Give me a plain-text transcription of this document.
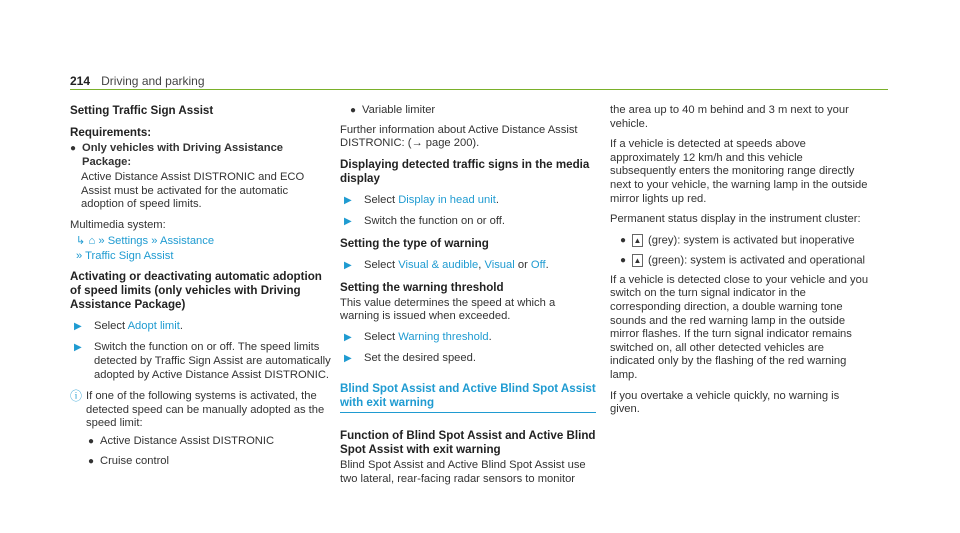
214 Driving and parking
Setting Traffic Sign Assist
Requirements:
● Only vehicles with Driving Assistance Package:

Active Distance Assist DISTRONIC and ECO Assist must be activated for the automatic adoption of speed limits.

Multimedia system:

↳ ⌂ » Settings » Assistance
» Traffic Sign Assist
Activating or deactivating automatic adoption of speed limits (only vehicles with Driving Assistance Package)
▶	Select Adopt limit.
▶	Switch the function on or off. The speed limits detected by Traffic Sign Assist are automatically adopted by Active Distance Assist DISTRONIC.
ⓘ If one of the following systems is activated, the detected speed can be manually adopted as the speed limit:
● Active Distance Assist DISTRONIC
● Cruise control
● Variable limiter

Further information about Active Distance Assist DISTRONIC: (→ page 200).

Displaying detected traffic signs in the media display
▶	Select Display in head unit.
▶	Switch the function on or off.
Setting the type of warning
▶	Select Visual & audible, Visual or Off.
Setting the warning threshold

This value determines the speed at which a warning is issued when exceeded.

▶	Select Warning threshold.
▶	Set the desired speed.
Blind Spot Assist and Active Blind Spot Assist with exit warning
Function of Blind Spot Assist and Active Blind Spot Assist with exit warning

Blind Spot Assist and Active Blind Spot Assist use two lateral, rear-facing radar sensors to monitor

the area up to 40 m behind and 3 m next to your vehicle.

If a vehicle is detected at speeds above approximately 12 km/h and this vehicle subsequently enters the monitoring range directly next to your vehicle, the warning lamp in the outside mirror lights up red.

Permanent status display in the instrument cluster:

● ▲ (grey): system is activated but inoperative
● ▲ (green): system is activated and operational

If a vehicle is detected close to your vehicle and you switch on the turn signal indicator in the corresponding direction, a double warning tone sounds and the red warning lamp in the outside mirror flashes. If the turn signal indicator remains switched on, all other detected vehicles are indicated only by the flashing of the red warning lamp.

If you overtake a vehicle quickly, no warning is given.
